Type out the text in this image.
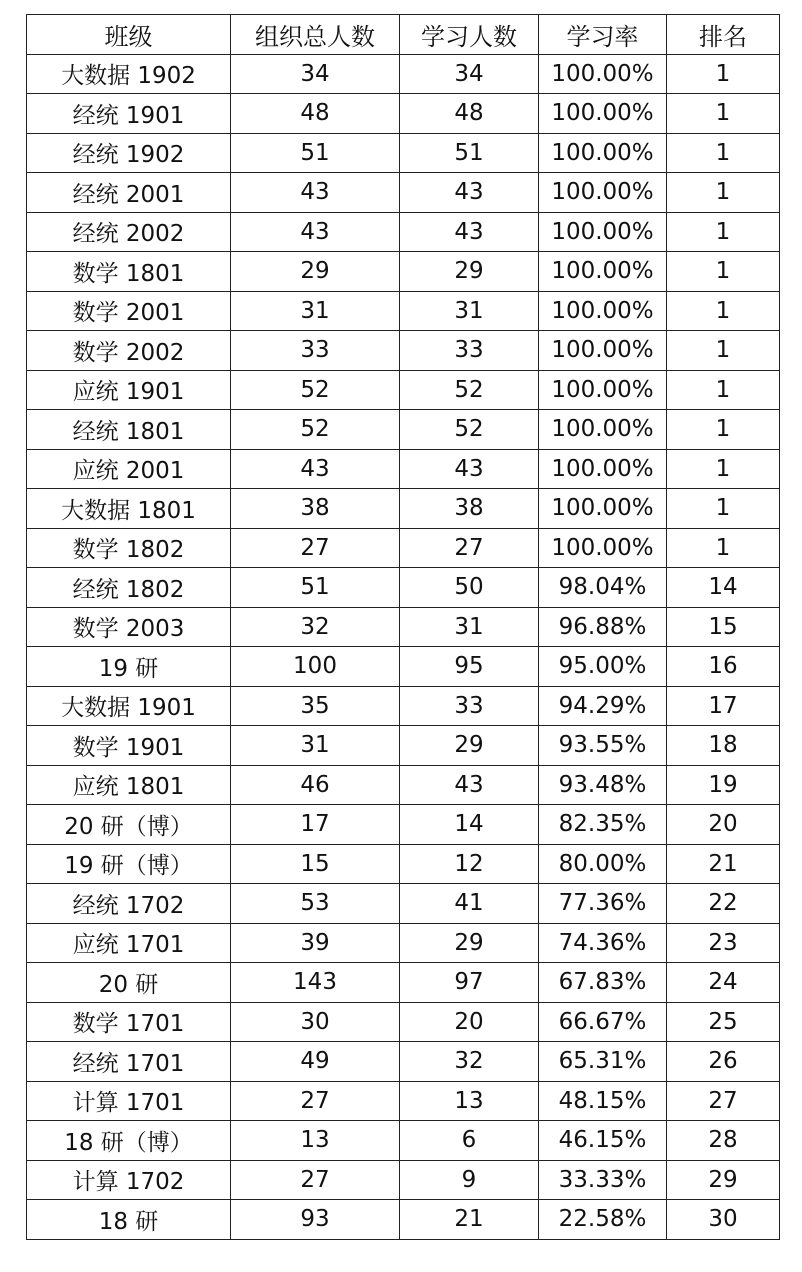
班级	组织总人数	学习人数	学习率	排名
大数据 1902	34	34	100.00%	1
经统 1901	48	48	100.00%	1
经统 1902	51	51	100.00%	1
经统 2001	43	43	100.00%	1
经统 2002	43	43	100.00%	1
数学 1801	29	29	100.00%	1
数学 2001	31	31	100.00%	1
数学 2002	33	33	100.00%	1
应统 1901	52	52	100.00%	1
经统 1801	52	52	100.00%	1
应统 2001	43	43	100.00%	1
大数据 1801	38	38	100.00%	1
数学 1802	27	27	100.00%	1
经统 1802	51	50	98.04%	14
数学 2003	32	31	96.88%	15
19 研	100	95	95.00%	16
大数据 1901	35	33	94.29%	17
数学 1901	31	29	93.55%	18
应统 1801	46	43	93.48%	19
20 研（博）	17	14	82.35%	20
19 研（博）	15	12	80.00%	21
经统 1702	53	41	77.36%	22
应统 1701	39	29	74.36%	23
20 研	143	97	67.83%	24
数学 1701	30	20	66.67%	25
经统 1701	49	32	65.31%	26
计算 1701	27	13	48.15%	27
18 研（博）	13	6	46.15%	28
计算 1702	27	9	33.33%	29
18 研	93	21	22.58%	30
